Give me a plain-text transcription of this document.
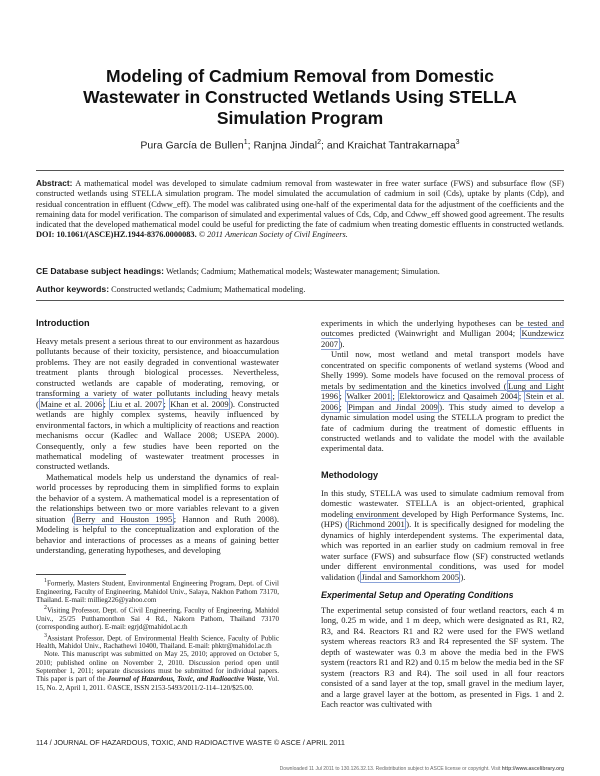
Modeling of Cadmium Removal from Domestic Wastewater in Constructed Wetlands Using STELLA Simulation Program
Pura García de Bullen$^1$; Ranjna Jindal$^2$; and Kraichat Tantrakarnapa$^3$
Abstract: A mathematical model was developed to simulate cadmium removal from wastewater in free water surface (FWS) and subsurface flow (SF) constructed wetlands using STELLA simulation program. The model simulated the accumulation of cadmium in soil (Cds), uptake by plants (Cdp), and residual concentration in effluent (Cdww_eff). The model was calibrated using one-half of the experimental data for the adjustment of the coefficients and the remaining data for model verification. The comparison of simulated and experimental values of Cds, Cdp, and Cdww_eff showed good agreement. The results indicated that the developed mathematical model could be useful for predicting the fate of cadmium when treating domestic effluents in constructed wetlands. DOI: 10.1061/(ASCE)HZ.1944-8376.0000083. © 2011 American Society of Civil Engineers.
CE Database subject headings: Wetlands; Cadmium; Mathematical models; Wastewater management; Simulation.
Author keywords: Constructed wetlands; Cadmium; Mathematical modeling.

Introduction

Heavy metals present a serious threat to our environment as hazardous pollutants because of their toxicity, persistence, and bioaccumulation problems. They are not easily degraded in conventional wastewater treatment plants through biological processes. Nevertheless, constructed wetlands are capable of moderating, removing, or transforming a variety of water pollutants including heavy metals ( Maine et al. 2006 ; Liu et al. 2007 ; Khan et al. 2009 ). Constructed wetlands are highly complex systems, heavily influenced by environmental factors, in which a multiplicity of reactions and reaction mechanisms occur (Kadlec and Wallace 2008; USEPA 2000). Consequently, only a few studies have been reported on the mathematical modeling of wastewater treatment processes in constructed wetlands.

Mathematical models help us understand the dynamics of real-world processes by reproducing them in simplified forms to explain the behavior of a system. A mathematical model is a representation of the relationships between two or more variables relevant to a given situation ( Berry and Houston 1995 ; Hannon and Ruth 2008). Modeling is helpful to the conceptualization and exploration of the behavior and interactions of processes as a means of gaining better understanding, generating hypotheses, and developing

$^1$Formerly, Masters Student, Environmental Engineering Program, Dept. of Civil Engineering, Faculty of Engineering, Mahidol Univ., Salaya, Nakhon Pathom 73170, Thailand. E-mail: millieg226@yahoo.com

$^2$Visiting Professor, Dept. of Civil Engineering, Faculty of Engineering, Mahidol Univ., 25/25 Putthamonthon Sai 4 Rd., Nakorn Pathom, Thailand 73170 (corresponding author). E-mail: egrjd@mahidol.ac.th

$^3$Assistant Professor, Dept. of Environmental Health Science, Faculty of Public Health, Mahidol Univ., Rachathewi 10400, Thailand. E-mail: phktr@mahidol.ac.th

Note. This manuscript was submitted on May 25, 2010; approved on October 5, 2010; published online on November 2, 2010. Discussion period open until September 1, 2011; separate discussions must be submitted for individual papers. This paper is part of the Journal of Hazardous, Toxic, and Radioactive Waste, Vol. 15, No. 2, April 1, 2011. ©ASCE, ISSN 2153-5493/2011/2-114–120/$25.00.

experiments in which the underlying hypotheses can be tested and outcomes predicted (Wainwright and Mulligan 2004; Kundzewicz 2007 ).

Until now, most wetland and metal transport models have concentrated on specific components of wetland systems (Wood and Shelly 1999). Some models have focused on the removal process of metals by sedimentation and the kinetics involved ( Lung and Light 1996 ; Walker 2001 ; Elektorowicz and Qasaimeh 2004 ; Stein et al. 2006 ; Pimpan and Jindal 2009 ). This study aimed to develop a dynamic simulation model using the STELLA program to predict the fate of cadmium during the treatment of domestic effluents in constructed wetlands and to validate the model with the available experimental data.

Methodology

In this study, STELLA was used to simulate cadmium removal from domestic wastewater. STELLA is an object-oriented, graphical modeling environment developed by High Performance Systems, Inc. (HPS) ( Richmond 2001 ). It is specifically designed for modeling the dynamics of highly interdependent systems. The experimental data, which was reported in an earlier study on cadmium removal in free water surface (FWS) and subsurface flow (SF) constructed wetlands under different environmental conditions, was used for model validation ( Jindal and Samorkhom 2005 ).

Experimental Setup and Operating Conditions

The experimental setup consisted of four wetland reactors, each 4 m long, 0.25 m wide, and 1 m deep, which were designated as R1, R2, R3, and R4. Reactors R1 and R2 were used for the FWS wetland system whereas reactors R3 and R4 represented the SF system. The depth of wastewater was 0.3 m above the media bed in the FWS system (reactors R1 and R2) and 0.15 m below the media bed in the SF system (reactors R3 and R4). The soil used in all four reactors consisted of a sand layer at the top, small gravel in the medium layer, and a large gravel layer at the bottom, as presented in Figs. 1 and 2. Each reactor was cultivated with

114 / JOURNAL OF HAZARDOUS, TOXIC, AND RADIOACTIVE WASTE © ASCE / APRIL 2011
Downloaded 11 Jul 2011 to 130.126.32.13. Redistribution subject to ASCE license or copyright. Visit http://www.ascelibrary.org
